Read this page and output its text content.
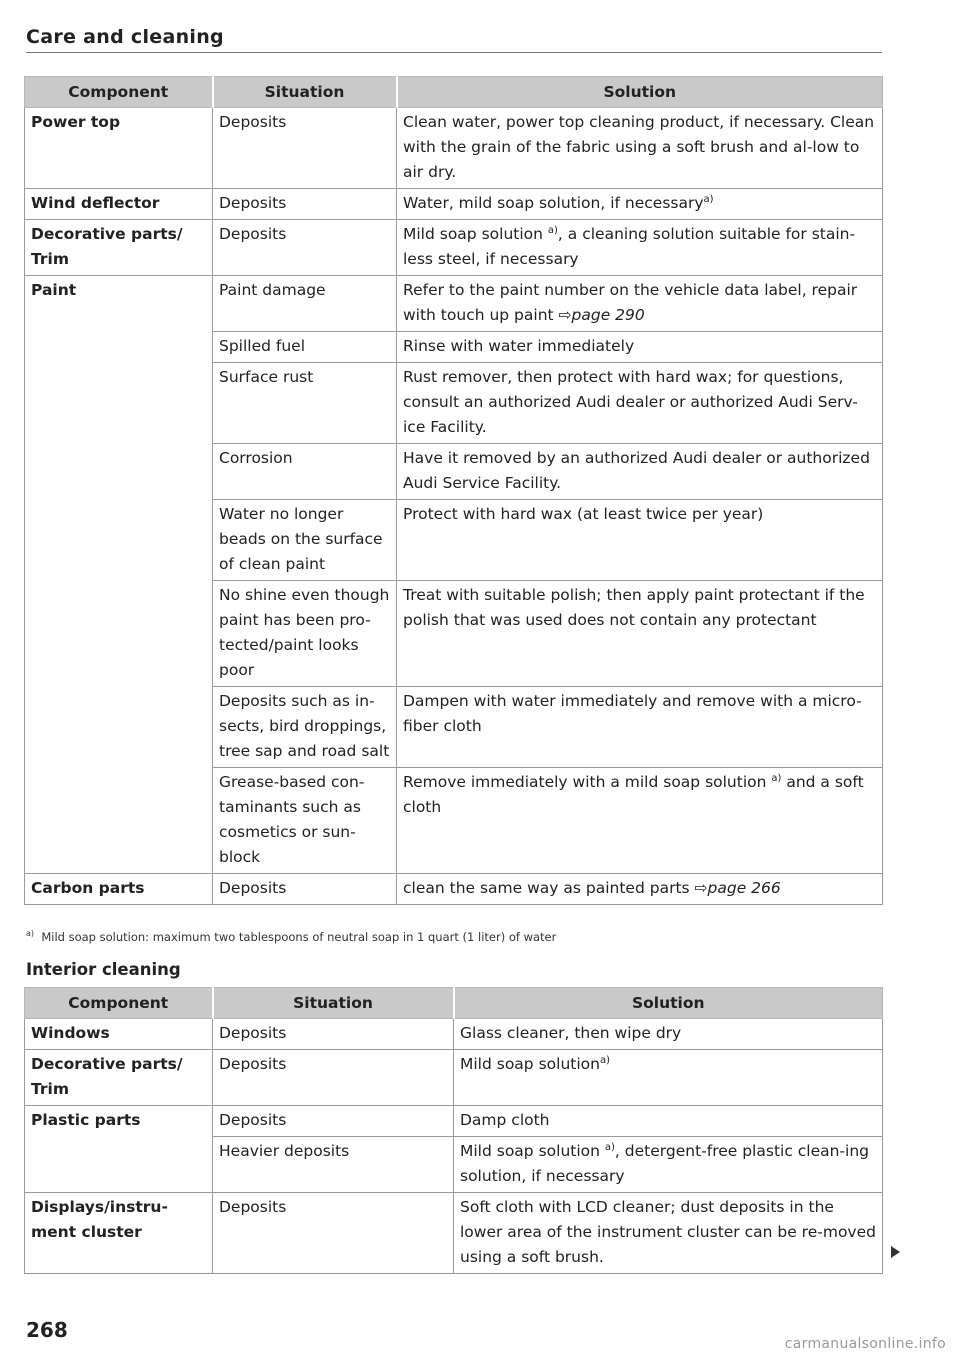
Care and cleaning
Component	Situation	Solution
Power top	Deposits	Clean water, power top cleaning product, if necessary. Clean with the grain of the fabric using a soft brush and al-low to air dry.
Wind deflector	Deposits	Water, mild soap solution, if necessary$^{a)}$
Decorative parts/ Trim	Deposits	Mild soap solution $^{a)}$, a cleaning solution suitable for stain-less steel, if necessary
Paint	Paint damage	Refer to the paint number on the vehicle data label, repair with touch up paint ⇨page 290
	Spilled fuel	Rinse with water immediately
	Surface rust	Rust remover, then protect with hard wax; for questions, consult an authorized Audi dealer or authorized Audi Serv-ice Facility.
	Corrosion	Have it removed by an authorized Audi dealer or authorized Audi Service Facility.
	Water no longer beads on the surface of clean paint	Protect with hard wax (at least twice per year)
	No shine even though paint has been pro-tected/paint looks poor	Treat with suitable polish; then apply paint protectant if the polish that was used does not contain any protectant
	Deposits such as in-sects, bird droppings, tree sap and road salt	Dampen with water immediately and remove with a micro-fiber cloth
	Grease-based con-taminants such as cosmetics or sun-block	Remove immediately with a mild soap solution $^{a)}$ and a soft cloth
Carbon parts	Deposits	clean the same way as painted parts ⇨page 266
$^{a)}$ Mild soap solution: maximum two tablespoons of neutral soap in 1 quart (1 liter) of water
Interior cleaning
Component	Situation	Solution
Windows	Deposits	Glass cleaner, then wipe dry
Decorative parts/ Trim	Deposits	Mild soap solution$^{a)}$
Plastic parts	Deposits	Damp cloth
	Heavier deposits	Mild soap solution $^{a)}$, detergent-free plastic clean-ing solution, if necessary
Displays/instru-ment cluster	Deposits	Soft cloth with LCD cleaner; dust deposits in the lower area of the instrument cluster can be re-moved using a soft brush.
268
carmanualsonline.info
